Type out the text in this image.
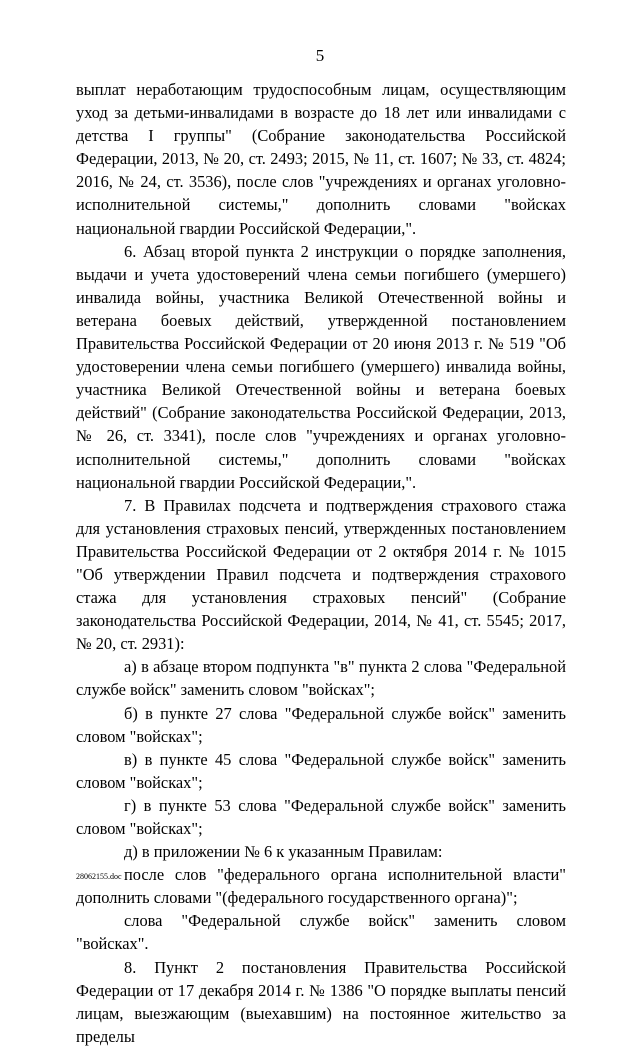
5

выплат неработающим трудоспособным лицам, осуществляющим уход за детьми-инвалидами в возрасте до 18 лет или инвалидами с детства I группы" (Собрание законодательства Российской Федерации, 2013, № 20, ст. 2493; 2015, № 11, ст. 1607; № 33, ст. 4824; 2016, № 24, ст. 3536), после слов "учреждениях и органах уголовно-исполнительной системы," дополнить словами "войсках национальной гвардии Российской Федерации,".

6. Абзац второй пункта 2 инструкции о порядке заполнения, выдачи и учета удостоверений члена семьи погибшего (умершего) инвалида войны, участника Великой Отечественной войны и ветерана боевых действий, утвержденной постановлением Правительства Российской Федерации от 20 июня 2013 г. № 519 "Об удостоверении члена семьи погибшего (умершего) инвалида войны, участника Великой Отечественной войны и ветерана боевых действий" (Собрание законодательства Российской Федерации, 2013, № 26, ст. 3341), после слов "учреждениях и органах уголовно-исполнительной системы," дополнить словами "войсках национальной гвардии Российской Федерации,".

7. В Правилах подсчета и подтверждения страхового стажа для установления страховых пенсий, утвержденных постановлением Правительства Российской Федерации от 2 октября 2014 г. № 1015 "Об утверждении Правил подсчета и подтверждения страхового стажа для установления страховых пенсий" (Собрание законодательства Российской Федерации, 2014, № 41, ст. 5545; 2017, № 20, ст. 2931):

а) в абзаце втором подпункта "в" пункта 2 слова "Федеральной службе войск" заменить словом "войсках";

б) в пункте 27 слова "Федеральной службе войск" заменить словом "войсках";

в) в пункте 45 слова "Федеральной службе войск" заменить словом "войсках";

г) в пункте 53 слова "Федеральной службе войск" заменить словом "войсках";

д) в приложении № 6 к указанным Правилам:

после слов "федерального органа исполнительной власти" дополнить словами "(федерального государственного органа)";

слова "Федеральной службе войск" заменить словом "войсках".

8. Пункт 2 постановления Правительства Российской Федерации от 17 декабря 2014 г. № 1386 "О порядке выплаты пенсий лицам, выезжающим (выехавшим) на постоянное жительство за пределы

28062155.doc
